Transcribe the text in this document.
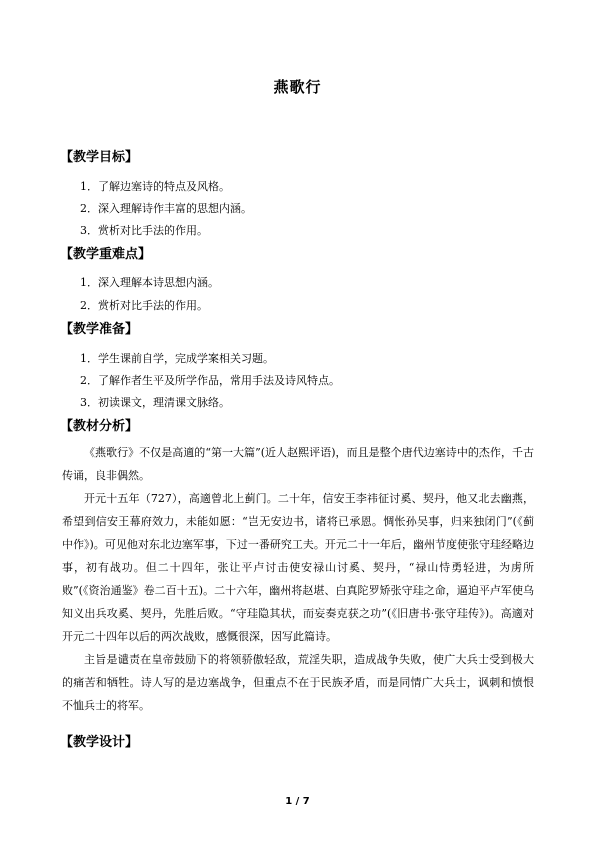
燕歌行
【教学目标】
1．了解边塞诗的特点及风格。
2．深入理解诗作丰富的思想内涵。
3．赏析对比手法的作用。
【教学重难点】
1．深入理解本诗思想内涵。
2．赏析对比手法的作用。
【教学准备】
1．学生课前自学，完成学案相关习题。
2．了解作者生平及所学作品，常用手法及诗风特点。
3．初读课文，理清课文脉络。
【教材分析】
《燕歌行》不仅是高適的“第一大篇”(近人赵熙评语)，而且是整个唐代边塞诗中的杰作，千古传诵，良非偶然。
开元十五年（727），高適曾北上蓟门。二十年，信安王李祎征讨奚、契丹，他又北去幽燕，希望到信安王幕府效力，未能如愿：“岂无安边书，诸将已承恩。惆怅孙吴事，归来独闭门”(《蓟中作》)。可见他对东北边塞军事，下过一番研究工夫。开元二十一年后，幽州节度使张守珪经略边事，初有战功。但二十四年，张让平卢讨击使安禄山讨奚、契丹，“禄山恃勇轻进，为虏所败”(《资治通鉴》卷二百十五)。二十六年，幽州将赵堪、白真陀罗矫张守珪之命，逼迫平卢军使乌知义出兵攻奚、契丹，先胜后败。“守珪隐其状，而妄奏克获之功”(《旧唐书·张守珪传》)。高適对开元二十四年以后的两次战败，感慨很深，因写此篇诗。
主旨是谴责在皇帝鼓励下的将领骄傲轻敌，荒淫失职，造成战争失败，使广大兵士受到极大的痛苦和牺牲。诗人写的是边塞战争，但重点不在于民族矛盾，而是同情广大兵士，讽刺和愤恨不恤兵士的将军。
【教学设计】
1 / 7
